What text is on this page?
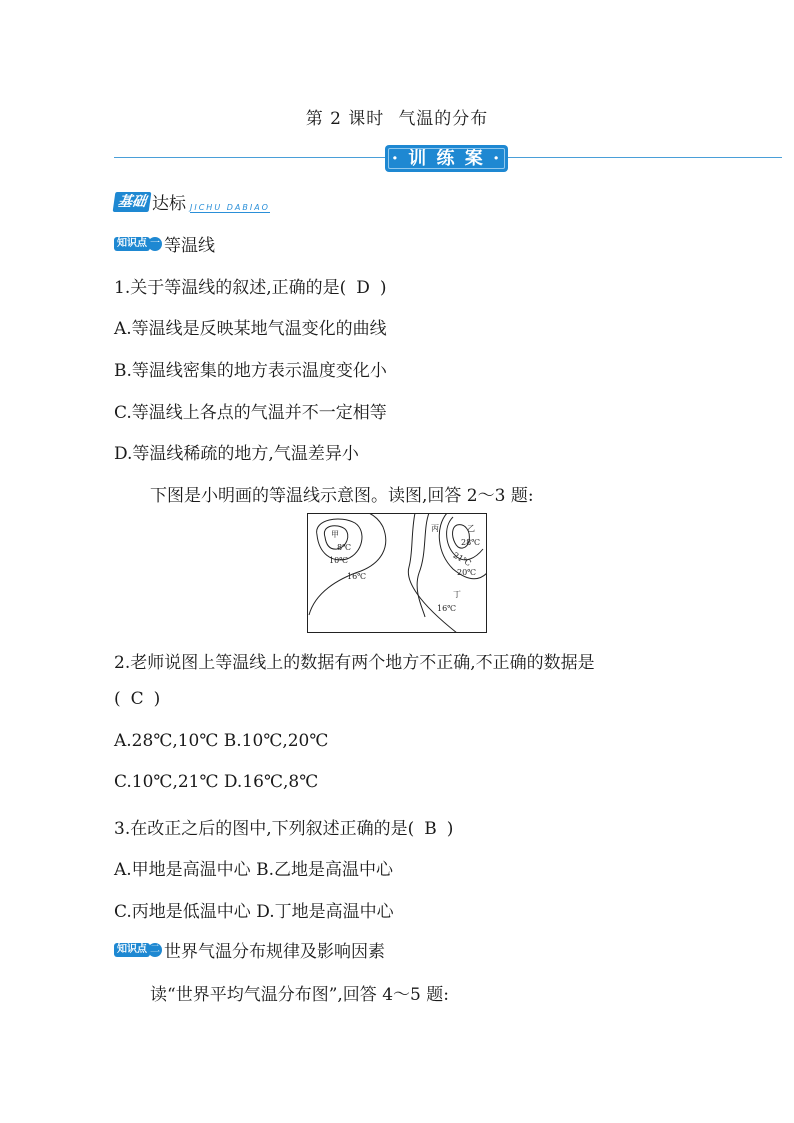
第 2 课时 气温的分布
· 训 练 案 ·
基础 达标 $_{JICHU DABIAO}$
知识点 一 等温线
1.关于等温线的叙述,正确的是( D )
A.等温线是反映某地气温变化的曲线
B.等温线密集的地方表示温度变化小
C.等温线上各点的气温并不一定相等
D.等温线稀疏的地方,气温差异小
下图是小明画的等温线示意图。读图,回答 2～3 题:
甲
8℃
10℃
16℃
丙	乙
28℃
21℃
20℃
丁
16℃
2.老师说图上等温线上的数据有两个地方不正确,不正确的数据是
( C )
A.28℃,10℃ B.10℃,20℃
C.10℃,21℃ D.16℃,8℃
3.在改正之后的图中,下列叙述正确的是( B )
A.甲地是高温中心 B.乙地是高温中心
C.丙地是低温中心 D.丁地是高温中心
知识点 二 世界气温分布规律及影响因素
读“世界平均气温分布图”,回答 4～5 题:
